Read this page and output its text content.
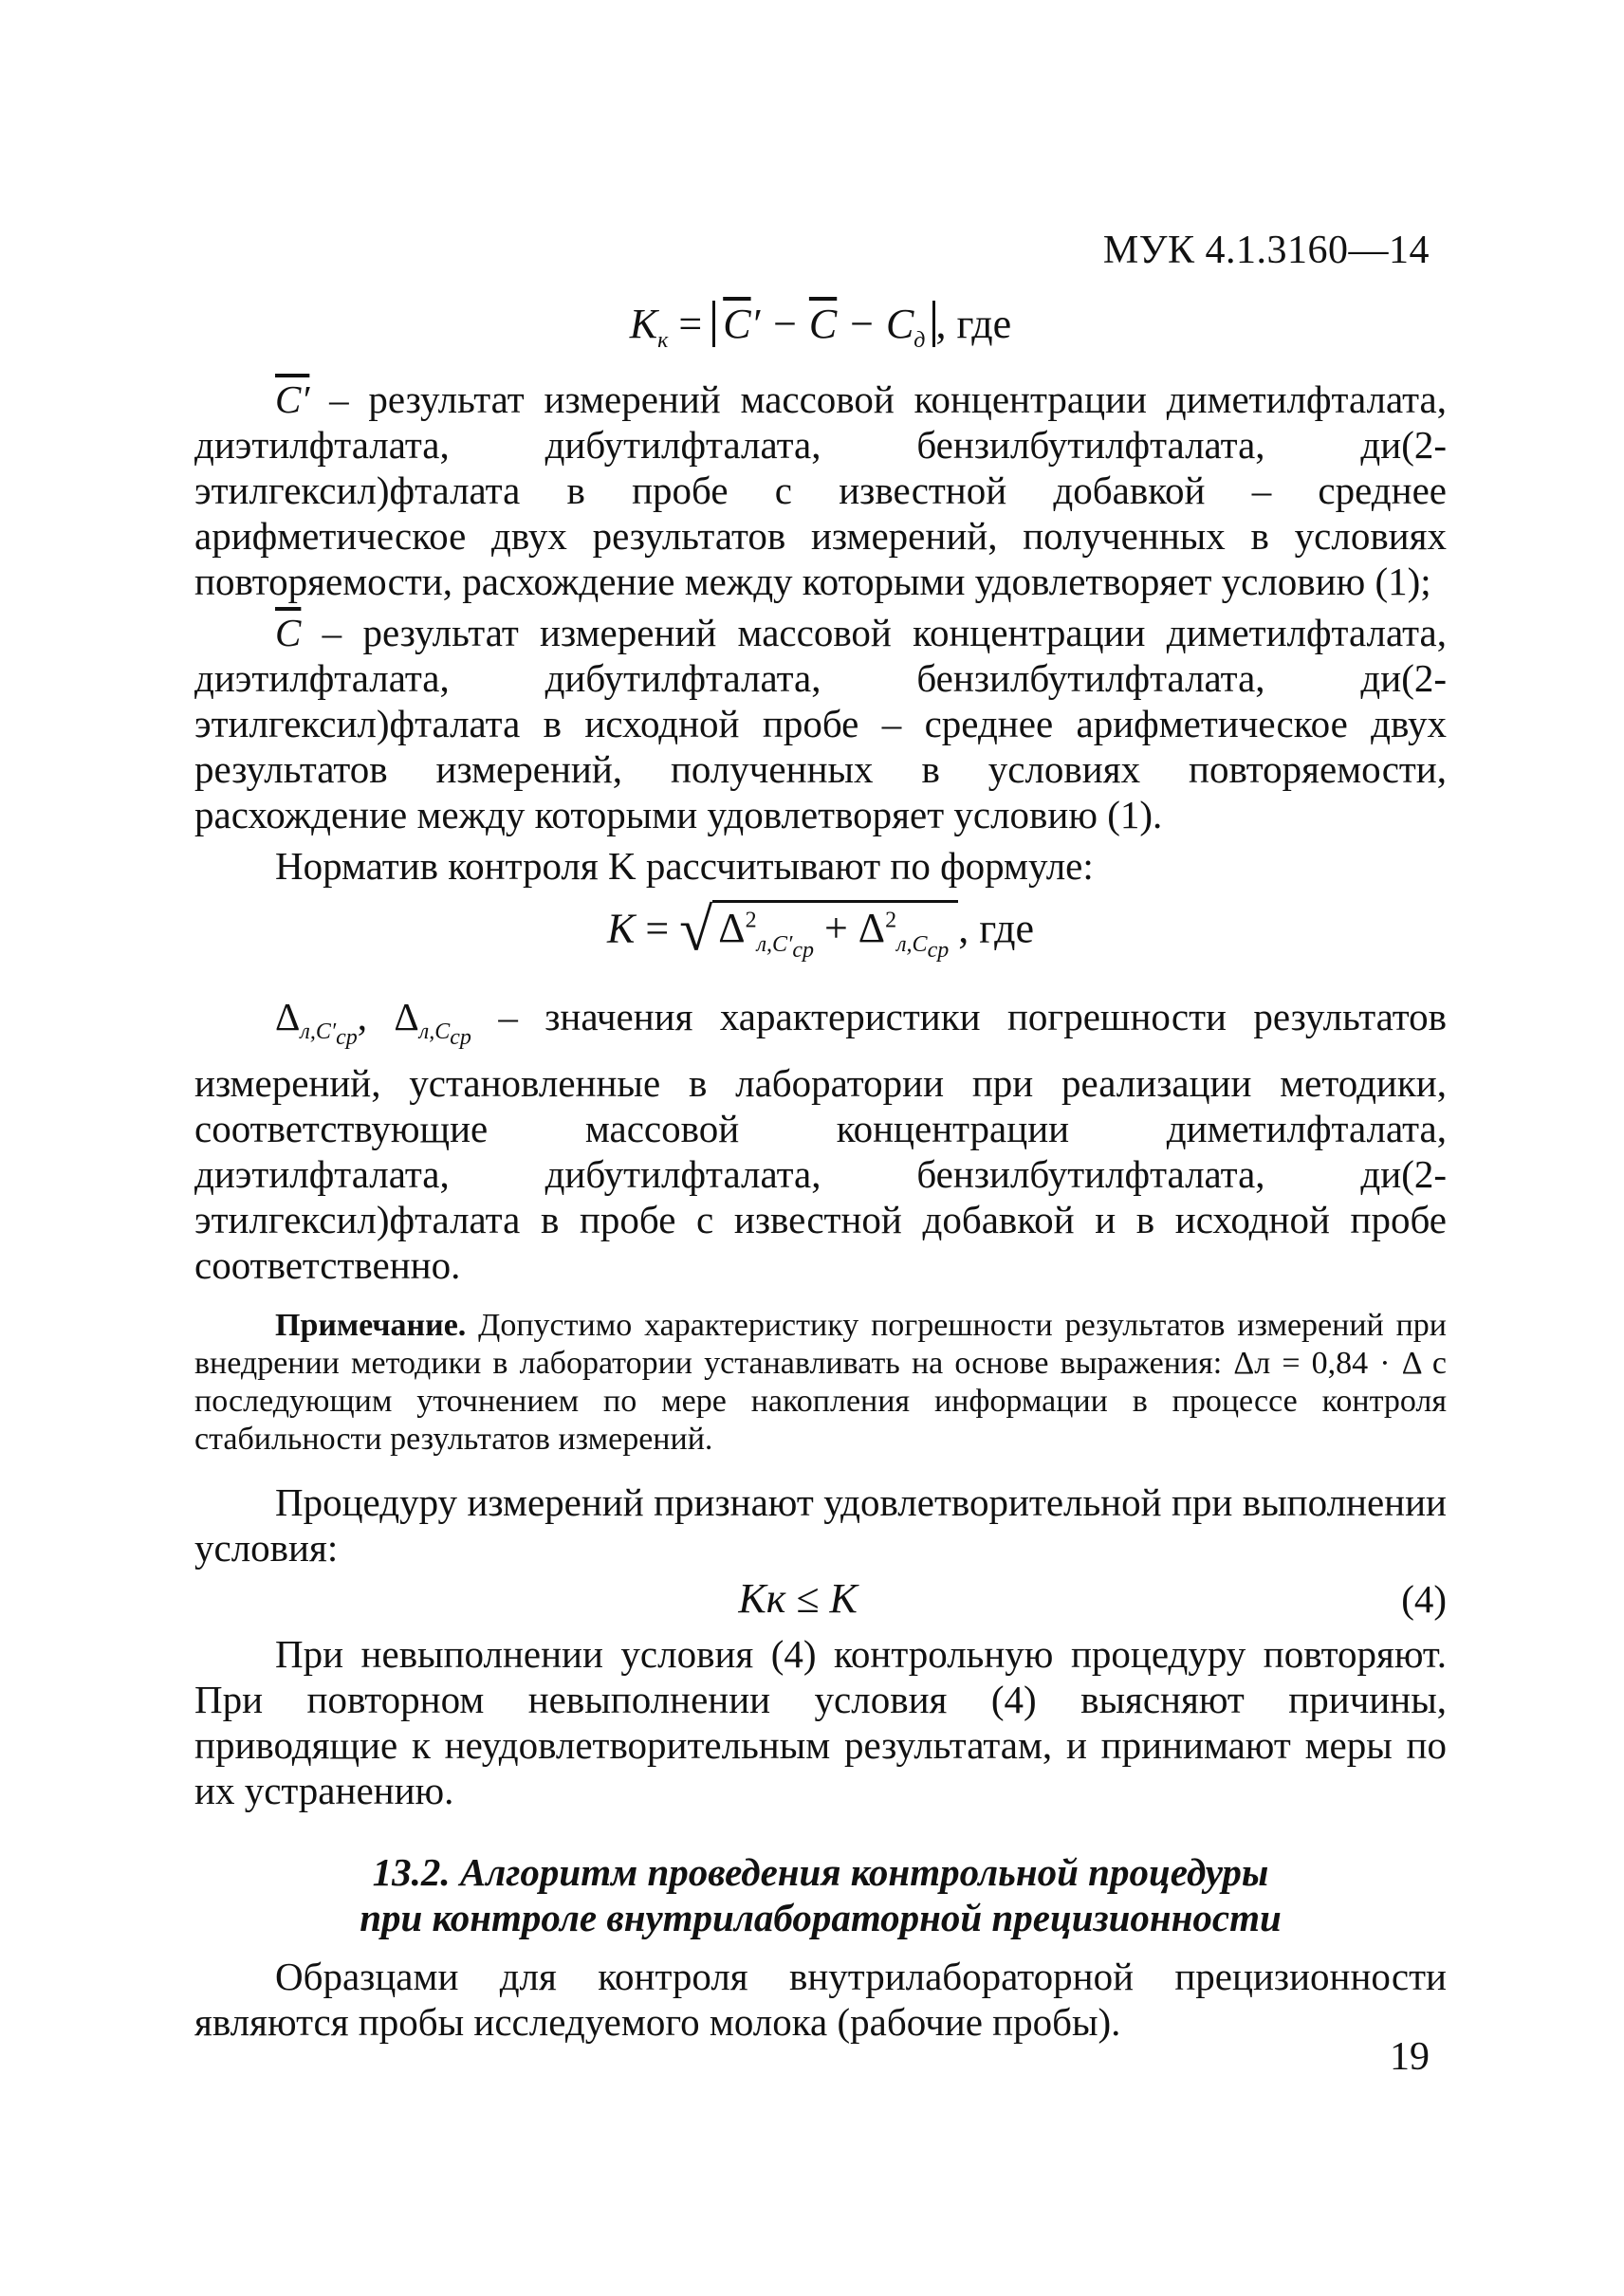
МУК 4.1.3160—14
$K_к = \overline{C}' - \overline{C} - C_д$ , где

C′ – результат измерений массовой концентрации диметилфталата, диэтилфталата, дибутилфталата, бензилбутилфталата, ди(2-этилгексил)фталата в пробе с известной добавкой – среднее арифметическое двух результатов измерений, полученных в условиях повторяемости, расхождение между которыми удовлетворяет условию (1);

$\overline{C}$ – результат измерений массовой концентрации диметилфталата, диэтилфталата, дибутилфталата, бензилбутилфталата, ди(2-этилгексил)фталата в исходной пробе – среднее арифметическое двух результатов измерений, полученных в условиях повторяемости, расхождение между которыми удовлетворяет условию (1).

Норматив контроля K рассчитывают по формуле:

K = √ $\Delta^2_{л,C'_{ср}} + \Delta^2_{л,C_{ср}}$ , где

$\Delta_{л,C'_{ср}}$, $\Delta_{л,C_{ср}}$ – значения характеристики погрешности результатов измерений, установленные в лаборатории при реализации методики, соответствующие массовой концентрации диметилфталата, диэтилфталата, дибутилфталата, бензилбутилфталата, ди(2-этилгексил)фталата в пробе с известной добавкой и в исходной пробе соответственно.

Примечание. Допустимо характеристику погрешности результатов измерений при внедрении методики в лаборатории устанавливать на основе выражения: Δл = 0,84 · Δ с последующим уточнением по мере накопления информации в процессе контроля стабильности результатов измерений.

Процедуру измерений признают удовлетворительной при выполнении условия:

Kк ≤ K	(4)

При невыполнении условия (4) контрольную процедуру повторяют. При повторном невыполнении условия (4) выясняют причины, приводящие к неудовлетворительным результатам, и принимают меры по их устранению.

13.2. Алгоритм проведения контрольной процедуры
при контроле внутрилабораторной прецизионности

Образцами для контроля внутрилабораторной прецизионности являются пробы исследуемого молока (рабочие пробы).

19
